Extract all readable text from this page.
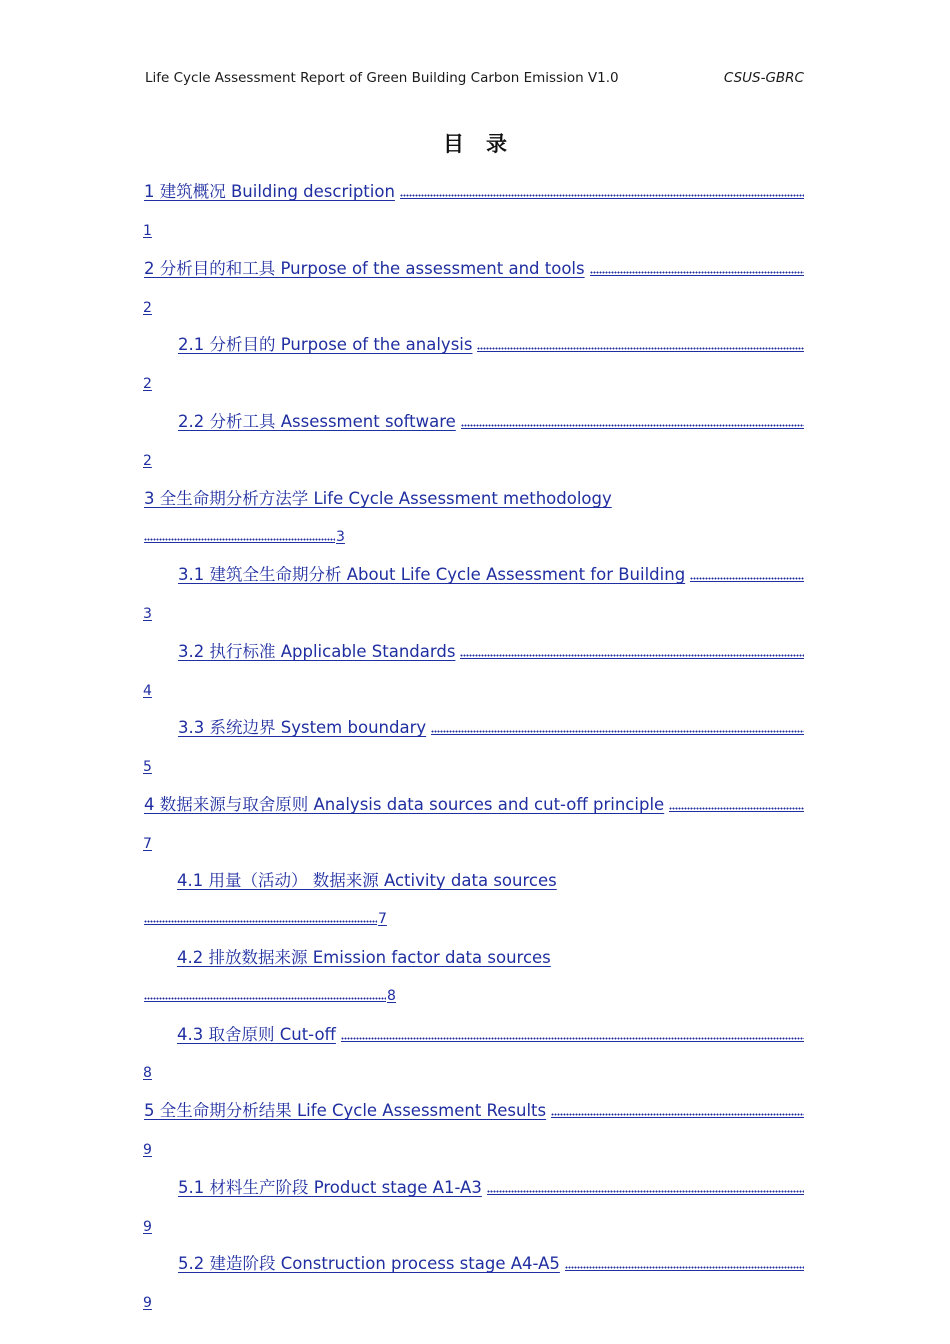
Life Cycle Assessment Report of Green Building Carbon Emission V1.0	CSUS-GBRC
目录
1 建筑概况 Building description
1
2 分析目的和工具 Purpose of the assessment and tools
2
2.1 分析目的 Purpose of the analysis
2
2.2 分析工具 Assessment software
2
3 全生命期分析方法学 Life Cycle Assessment methodology
3
3.1 建筑全生命期分析 About Life Cycle Assessment for Building
3
3.2 执行标准 Applicable Standards
4
3.3 系统边界 System boundary
5
4 数据来源与取舍原则 Analysis data sources and cut-off principle
7
4.1 用量（活动） 数据来源 Activity data sources
7
4.2 排放数据来源 Emission factor data sources
8
4.3 取舍原则 Cut-off
8
5 全生命期分析结果 Life Cycle Assessment Results
9
5.1 材料生产阶段 Product stage A1-A3
9
5.2 建造阶段 Construction process stage A4-A5
9
